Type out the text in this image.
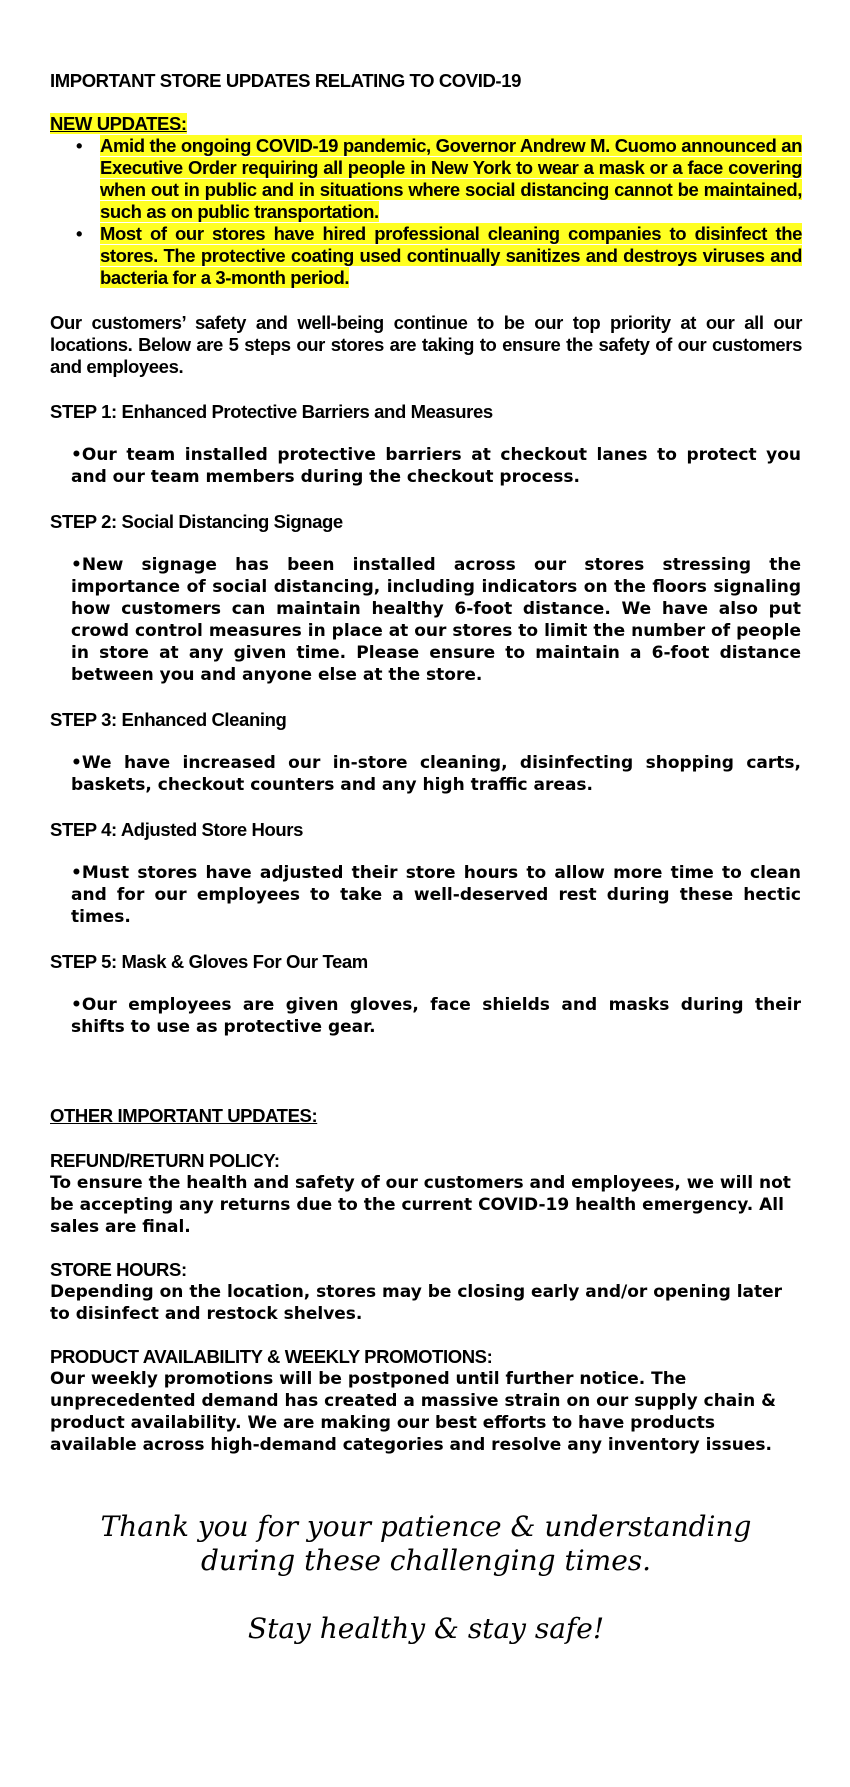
IMPORTANT STORE UPDATES RELATING TO COVID-19
NEW UPDATES:
• Amid the ongoing COVID-19 pandemic, Governor Andrew M. Cuomo announced an Executive Order requiring all people in New York to wear a mask or a face covering when out in public and in situations where social distancing cannot be maintained, such as on public transportation.
• Most of our stores have hired professional cleaning companies to disinfect the stores. The protective coating used continually sanitizes and destroys viruses and bacteria for a 3-month period.

Our customers’ safety and well-being continue to be our top priority at our all our locations. Below are 5 steps our stores are taking to ensure the safety of our customers and employees.

STEP 1: Enhanced Protective Barriers and Measures

•Our team installed protective barriers at checkout lanes to protect you and our team members during the checkout process.

STEP 2: Social Distancing Signage

•New signage has been installed across our stores stressing the importance of social distancing, including indicators on the floors signaling how customers can maintain healthy 6-foot distance. We have also put crowd control measures in place at our stores to limit the number of people in store at any given time. Please ensure to maintain a 6-foot distance between you and anyone else at the store.

STEP 3: Enhanced Cleaning

•We have increased our in-store cleaning, disinfecting shopping carts, baskets, checkout counters and any high traffic areas.

STEP 4: Adjusted Store Hours

•Must stores have adjusted their store hours to allow more time to clean and for our employees to take a well-deserved rest during these hectic times.

STEP 5: Mask & Gloves For Our Team

•Our employees are given gloves, face shields and masks during their shifts to use as protective gear.

OTHER IMPORTANT UPDATES:
REFUND/RETURN POLICY:

To ensure the health and safety of our customers and employees, we will not be accepting any returns due to the current COVID-19 health emergency. All sales are final.

STORE HOURS:

Depending on the location, stores may be closing early and/or opening later to disinfect and restock shelves.

PRODUCT AVAILABILITY & WEEKLY PROMOTIONS:

Our weekly promotions will be postponed until further notice. The unprecedented demand has created a massive strain on our supply chain & product availability. We are making our best efforts to have products available across high-demand categories and resolve any inventory issues.

Thank you for your patience & understanding
during these challenging times.
Stay healthy & stay safe!
